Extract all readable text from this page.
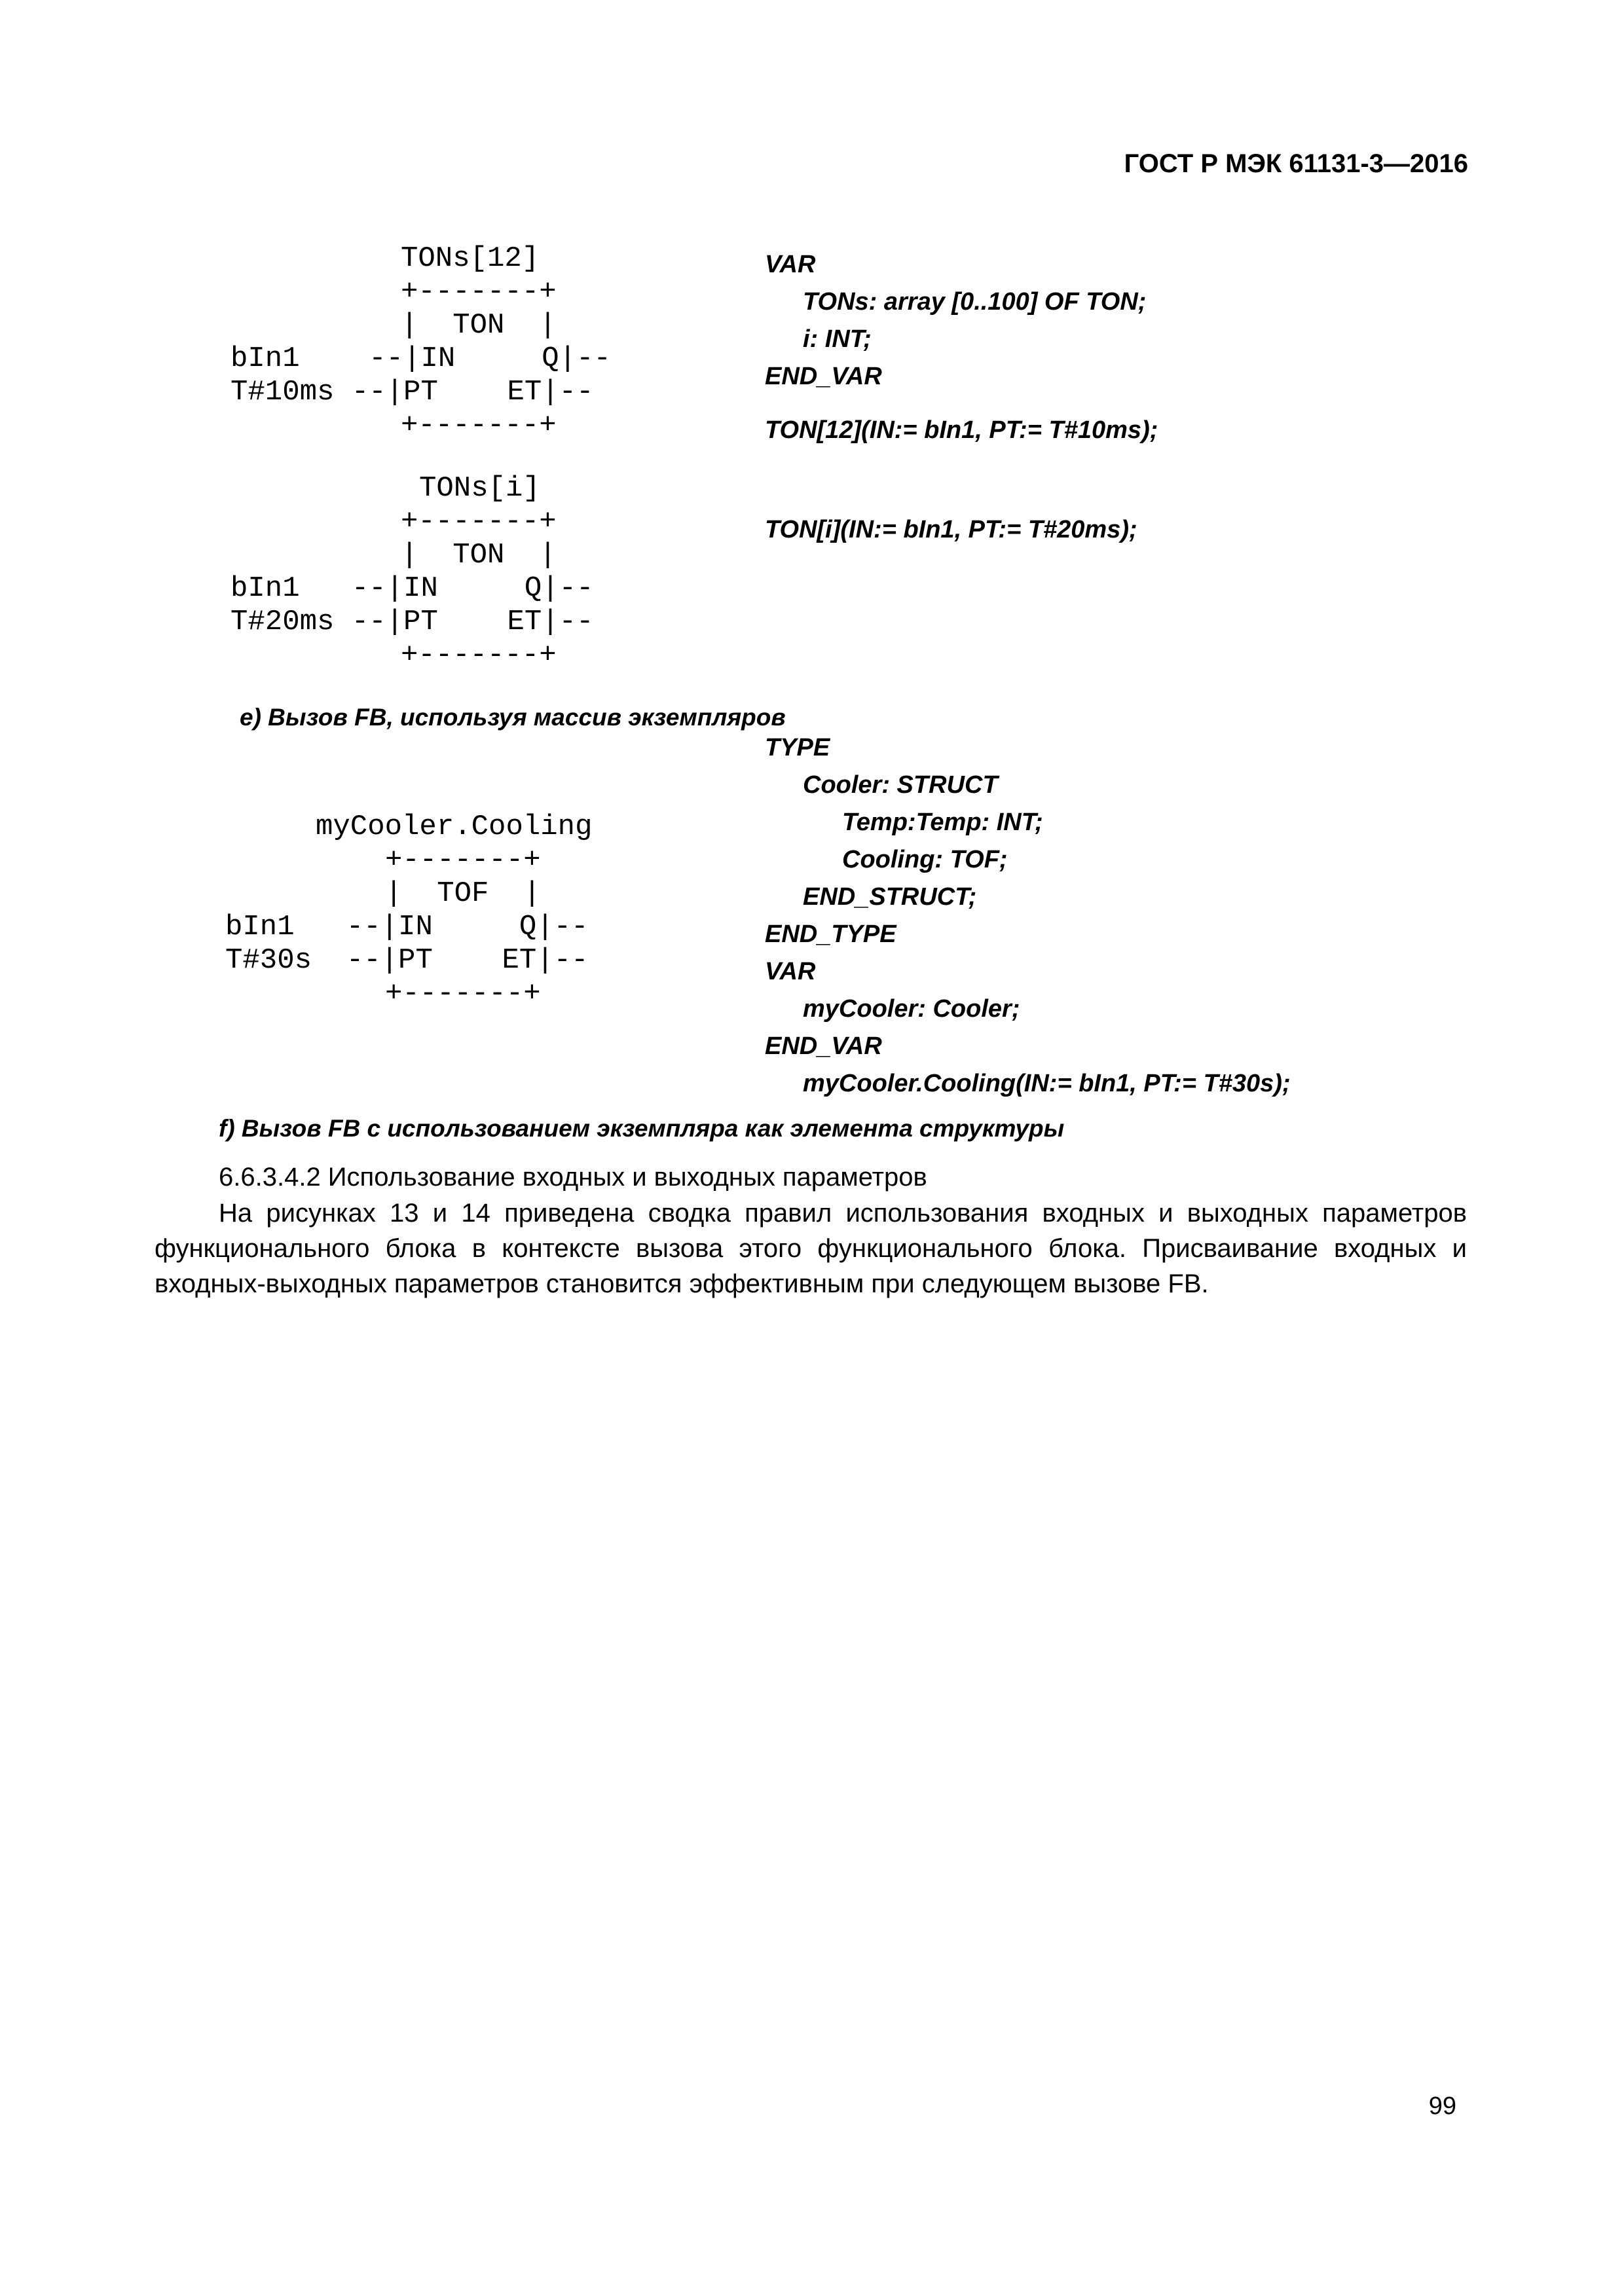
ГОСТ Р МЭК 61131-3—2016
TONs[12]
+-------+
|  TON  |
bIn1    --|IN     Q|--
T#10ms --|PT    ET|--
+-------+
TONs[i]
+-------+
|  TON  |
bIn1   --|IN     Q|--
T#20ms --|PT    ET|--
+-------+
VAR
TONs: array [0..100] OF TON;
i: INT;
END_VAR
TON[12](IN:= bIn1, PT:= T#10ms);
TON[i](IN:= bIn1, PT:= T#20ms);
e) Вызов FB, используя массив экземпляров
myCooler.Cooling
+-------+
|  TOF  |
bIn1   --|IN     Q|--
T#30s  --|PT    ET|--
+-------+
TYPE
Cooler: STRUCT
Temp:Temp: INT;
Cooling: TOF;
END_STRUCT;
END_TYPE
VAR
myCooler: Cooler;
END_VAR
myCooler.Cooling(IN:= bIn1, PT:= T#30s);
f) Вызов FB с использованием экземпляра как элемента структуры
6.6.3.4.2 Использование входных и выходных параметров
На рисунках 13 и 14 приведена сводка правил использования входных и выходных параметров функционального блока в контексте вызова этого функционального блока. Присваивание входных и входных-выходных параметров становится эффективным при следующем вызове FB.
99
